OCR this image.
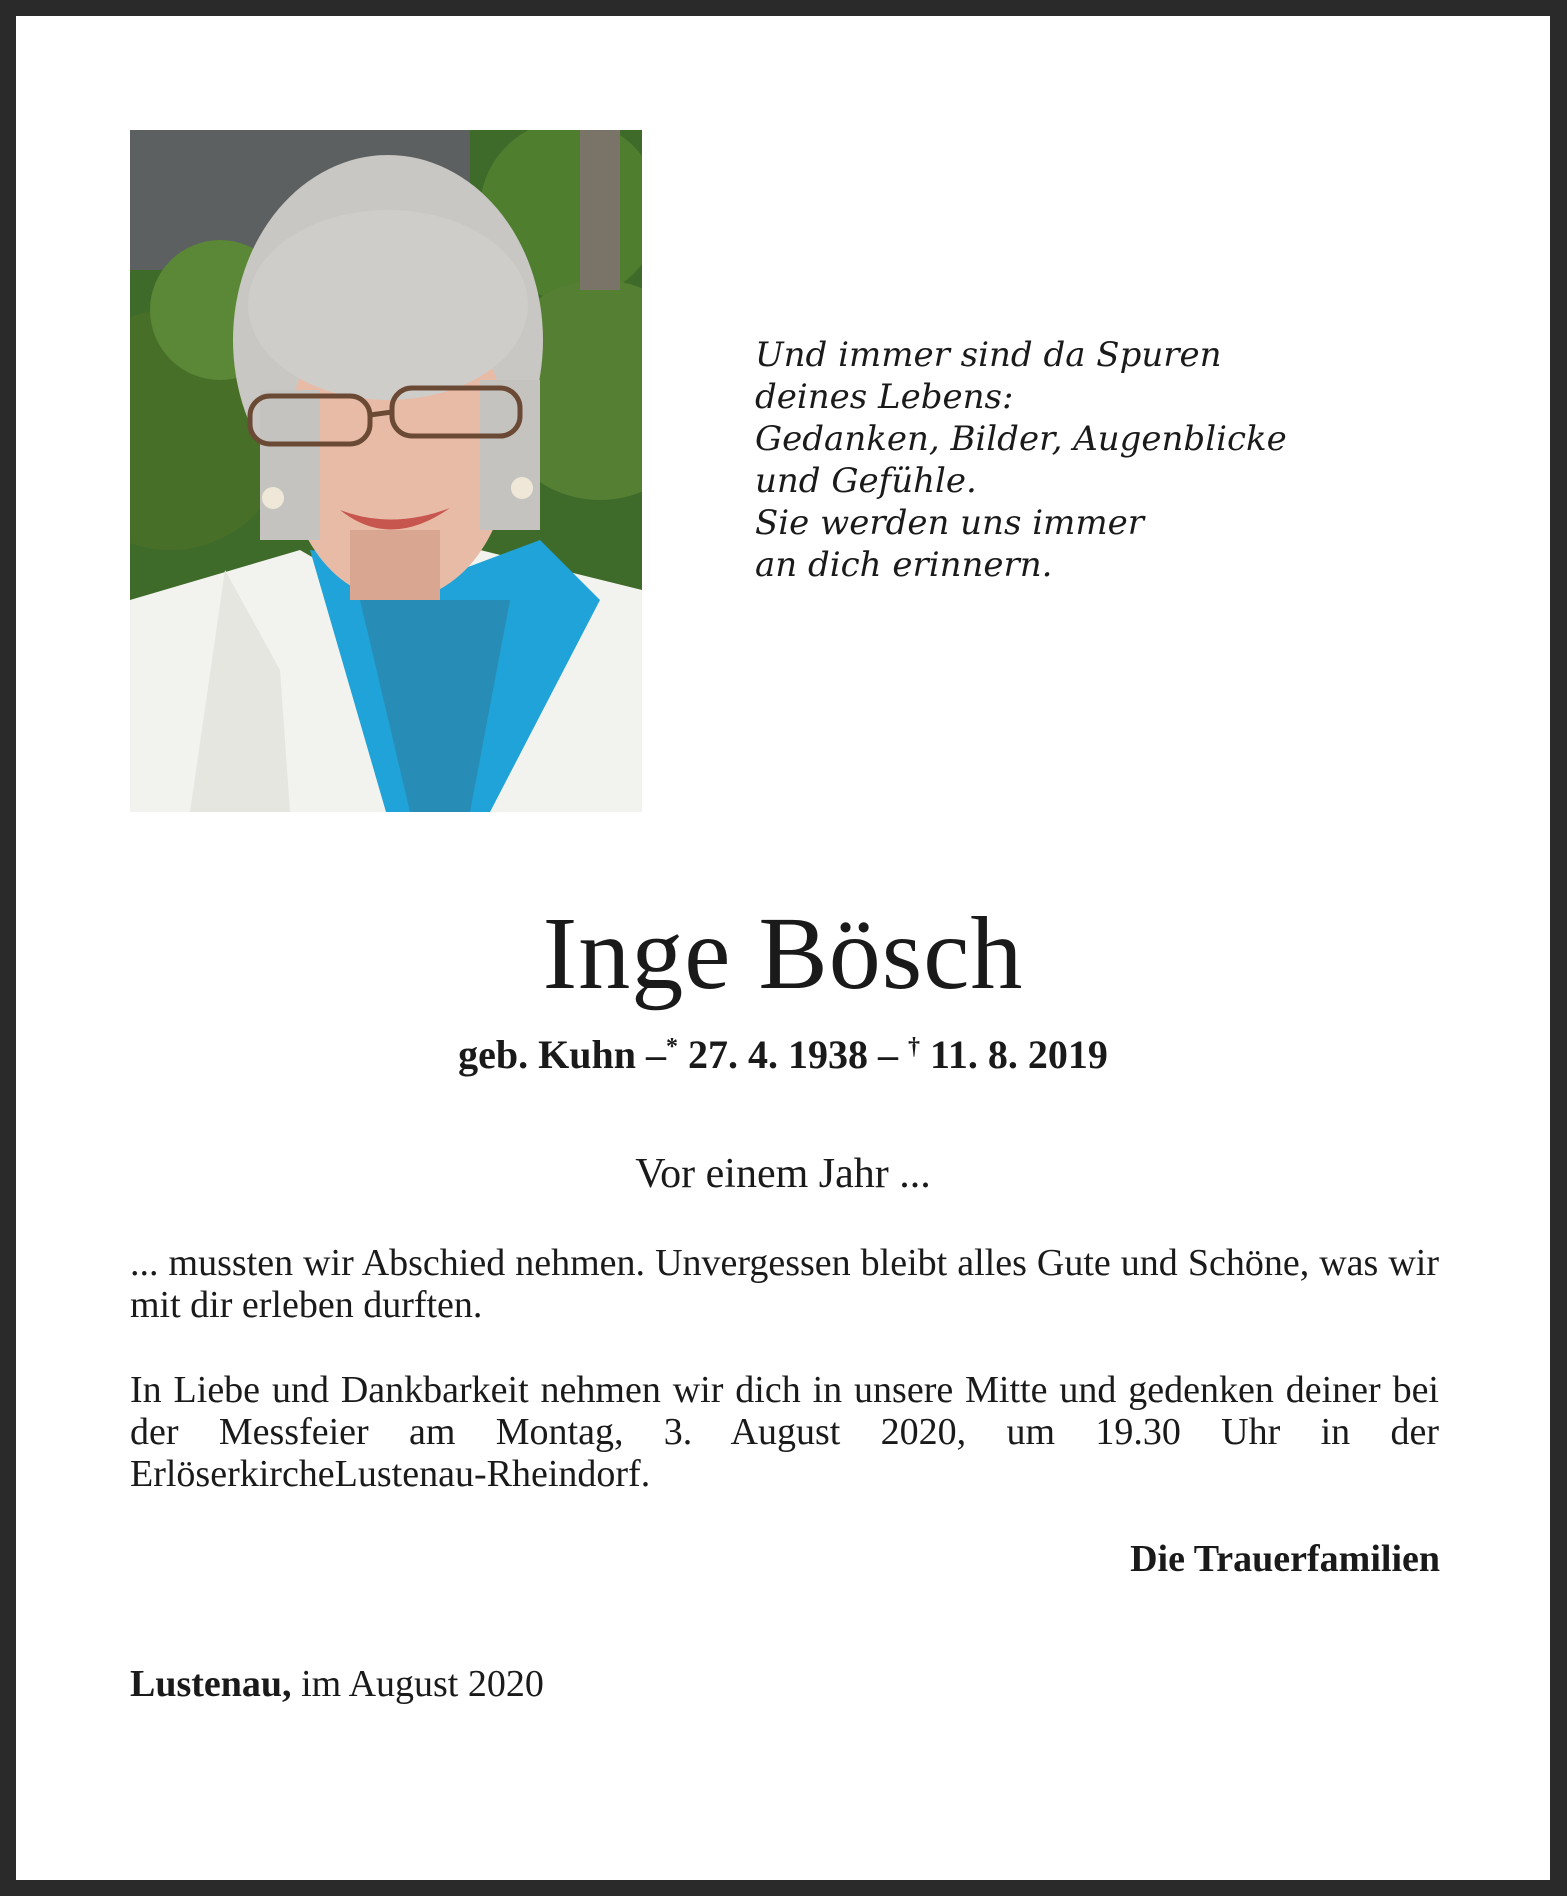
Und immer sind da Spuren
deines Lebens:
Gedanken, Bilder, Augenblicke
und Gefühle.
Sie werden uns immer
an dich erinnern.
Inge Bösch
geb. Kuhn –* 27. 4. 1938 – † 11. 8. 2019
Vor einem Jahr ...
... mussten wir Abschied nehmen. Unvergessen bleibt alles Gute und Schöne, was wir mit dir erleben durften.
In Liebe und Dankbarkeit nehmen wir dich in unsere Mitte und gedenken deiner bei der Messfeier am Montag, 3. August 2020, um 19.30 Uhr in der ErlöserkircheLustenau-Rheindorf.
Die Trauerfamilien
Lustenau, im August 2020
